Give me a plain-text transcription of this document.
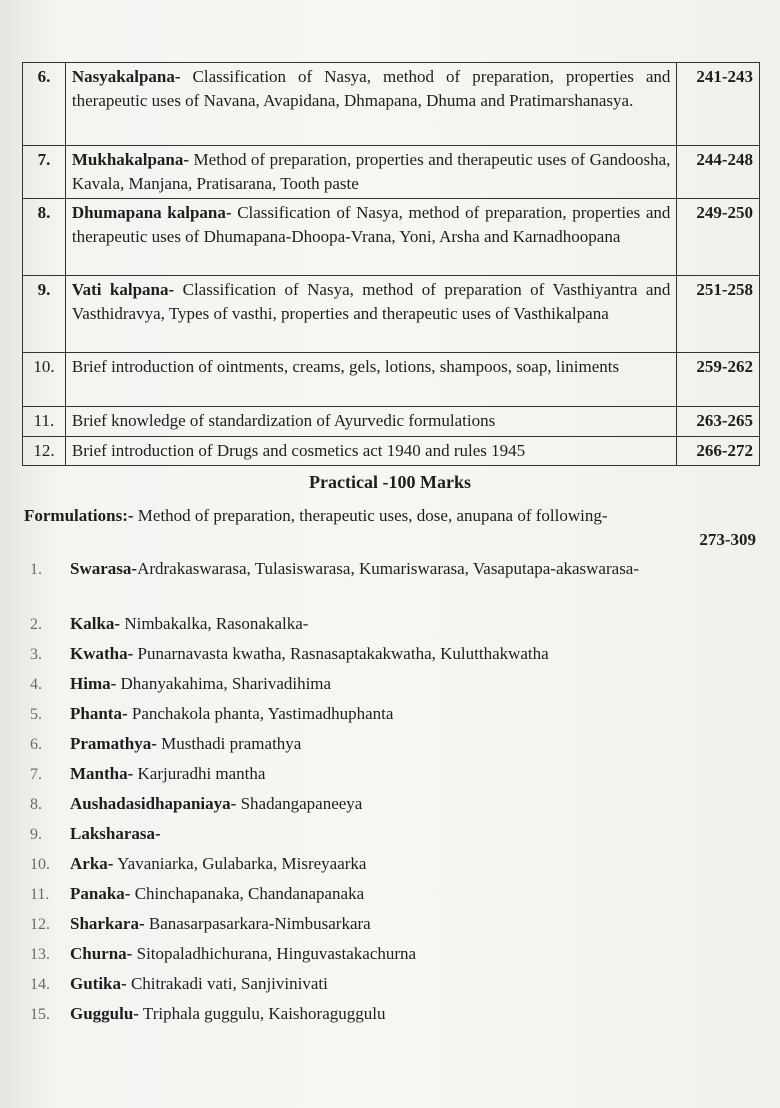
6.	Nasyakalpana- Classification of Nasya, method of preparation, properties and therapeutic uses of Navana, Avapidana, Dhmapana, Dhuma and Pratimarshanasya.	241-243
7.	Mukhakalpana- Method of preparation, properties and therapeutic uses of Gandoosha, Kavala, Manjana, Pratisarana, Tooth paste	244-248
8.	Dhumapana kalpana- Classification of Nasya, method of preparation, properties and therapeutic uses of Dhumapana-Dhoopa-Vrana, Yoni, Arsha and Karnadhoopana	249-250
9.	Vati kalpana- Classification of Nasya, method of preparation of Vasthiyantra and Vasthidravya, Types of vasthi, properties and therapeutic uses of Vasthikalpana	251-258
10.	Brief introduction of ointments, creams, gels, lotions, shampoos, soap, liniments	259-262
11.	Brief knowledge of standardization of Ayurvedic formulations	263-265
12.	Brief introduction of Drugs and cosmetics act 1940 and rules 1945	266-272
Practical -100 Marks
Formulations:- Method of preparation, therapeutic uses, dose, anupana of following-
273-309
1.	Swarasa-Ardrakaswarasa, Tulasiswarasa, Kumariswarasa, Vasaputapa-akaswarasa-
2.	Kalka- Nimbakalka, Rasonakalka-
3.	Kwatha- Punarnavasta kwatha, Rasnasaptakakwatha, Kulutthakwatha
4.	Hima- Dhanyakahima, Sharivadihima
5.	Phanta- Panchakola phanta, Yastimadhuphanta
6.	Pramathya- Musthadi pramathya
7.	Mantha- Karjuradhi mantha
8.	Aushadasidhapaniaya- Shadangapaneeya
9.	Laksharasa-
10.	Arka- Yavaniarka, Gulabarka, Misreyaarka
11.	Panaka- Chinchapanaka, Chandanapanaka
12.	Sharkara- Banasarpasarkara-Nimbusarkara
13.	Churna- Sitopaladhichurana, Hinguvastakachurna
14.	Gutika- Chitrakadi vati, Sanjivinivati
15.	Guggulu- Triphala guggulu, Kaishoraguggulu
